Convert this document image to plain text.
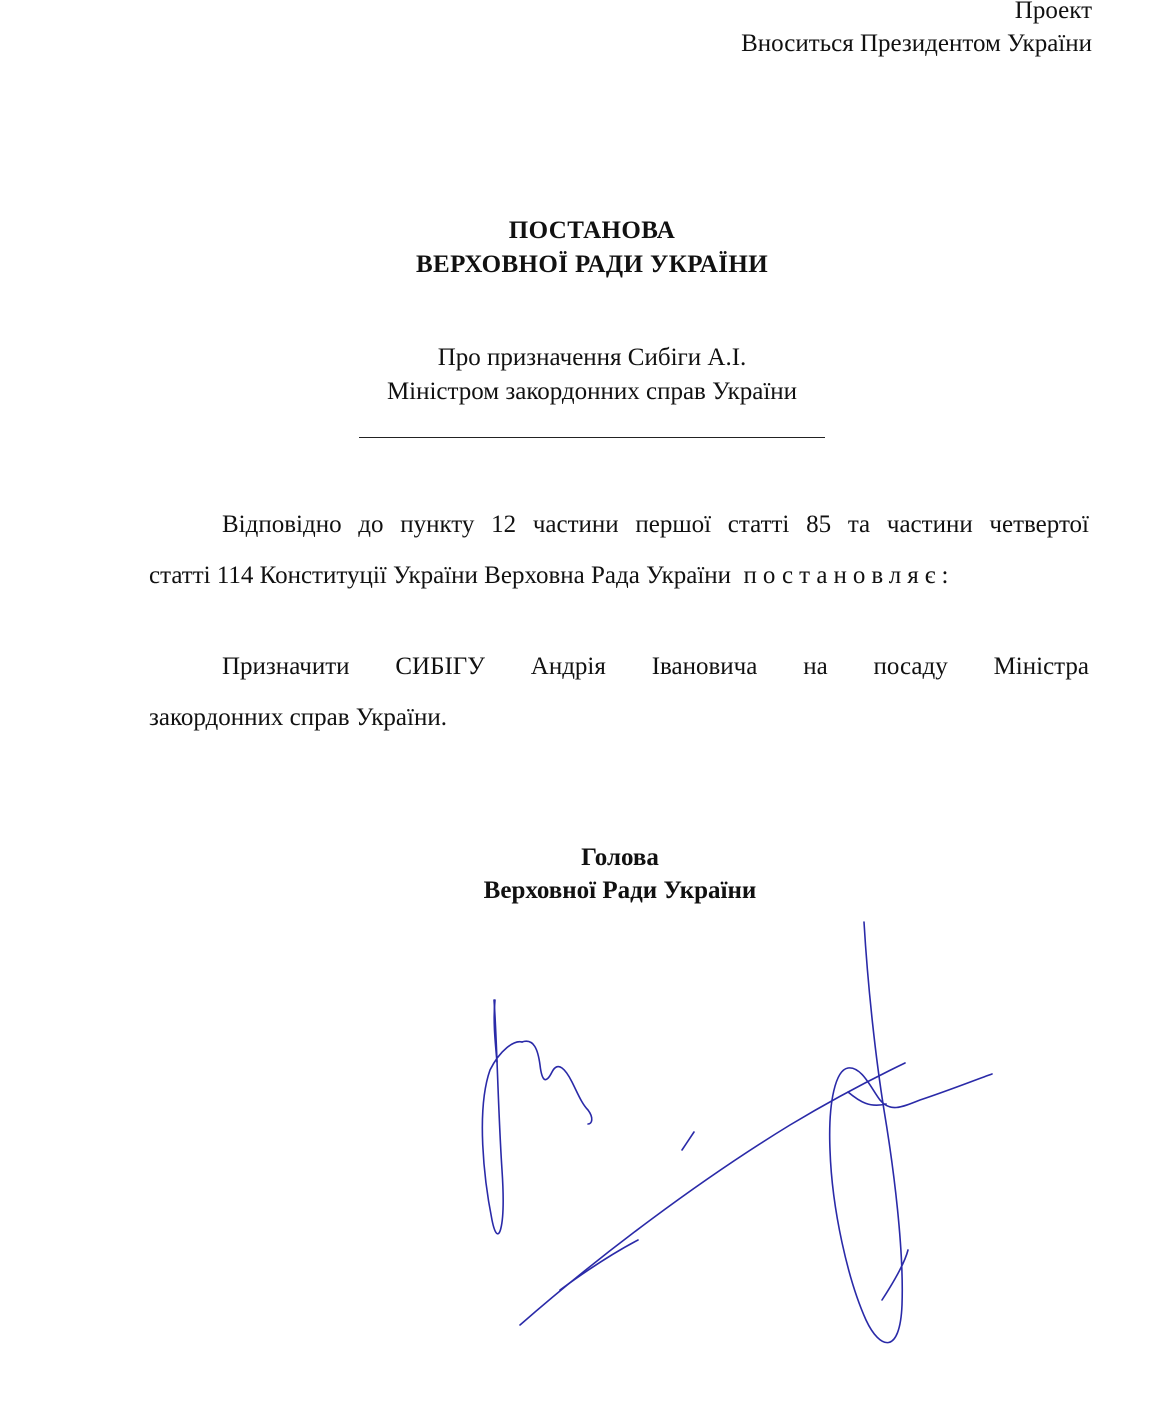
Проект
Вноситься Президентом України
ПОСТАНОВА
ВЕРХОВНОЇ РАДИ УКРАЇНИ
Про призначення Сибіги А.І.
Міністром закордонних справ України
Відповідно до пункту 12 частини першої статті 85 та частини четвертої
статті 114 Конституції України Верховна Рада України постановляє:
Призначити СИБІГУ Андрія Івановича на посаду Міністра
закордонних справ України.
Голова
Верховної Ради України
